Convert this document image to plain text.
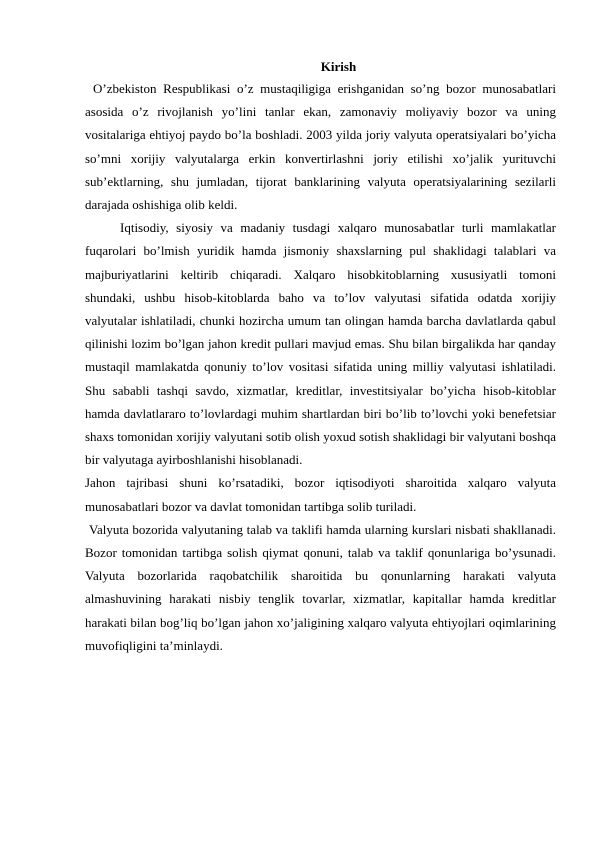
Kirish

O’zbekiston Respublikasi o’z mustaqiligiga erishganidan so’ng bozor munosabatlari asosida o’z rivojlanish yo’lini tanlar ekan, zamonaviy moliyaviy bozor va uning vositalariga ehtiyoj paydo bo’la boshladi. 2003 yilda joriy valyuta operatsiyalari bo’yicha so’mni xorijiy valyutalarga erkin konvertirlashni joriy etilishi xo’jalik yurituvchi sub’ektlarning, shu jumladan, tijorat banklarining valyuta operatsiyalarining sezilarli darajada oshishiga olib keldi.

Iqtisodiy, siyosiy va madaniy tusdagi xalqaro munosabatlar turli mamlakatlar fuqarolari bo’lmish yuridik hamda jismoniy shaxslarning pul shaklidagi talablari va majburiyatlarini keltirib chiqaradi. Xalqaro hisobkitoblarning xususiyatli tomoni shundaki, ushbu hisob-kitoblarda baho va to’lov valyutasi sifatida odatda xorijiy valyutalar ishlatiladi, chunki hozircha umum tan olingan hamda barcha davlatlarda qabul qilinishi lozim bo’lgan jahon kredit pullari mavjud emas. Shu bilan birgalikda har qanday mustaqil mamlakatda qonuniy to’lov vositasi sifatida uning milliy valyutasi ishlatiladi. Shu sababli tashqi savdo, xizmatlar, kreditlar, investitsiyalar bo’yicha hisob-kitoblar hamda davlatlararo to’lovlardagi muhim shartlardan biri bo’lib to’lovchi yoki benefetsiar shaxs tomonidan xorijiy valyutani sotib olish yoxud sotish shaklidagi bir valyutani boshqa bir valyutaga ayirboshlanishi hisoblanadi.

Jahon tajribasi shuni ko’rsatadiki, bozor iqtisodiyoti sharoitida xalqaro valyuta munosabatlari bozor va davlat tomonidan tartibga solib turiladi.

Valyuta bozorida valyutaning talab va taklifi hamda ularning kurslari nisbati shakllanadi. Bozor tomonidan tartibga solish qiymat qonuni, talab va taklif qonunlariga bo’ysunadi. Valyuta bozorlarida raqobatchilik sharoitida bu qonunlarning harakati valyuta almashuvining harakati nisbiy tenglik tovarlar, xizmatlar, kapitallar hamda kreditlar harakati bilan bog’liq bo’lgan jahon xo’jaligining xalqaro valyuta ehtiyojlari oqimlarining muvofiqligini ta’minlaydi.
